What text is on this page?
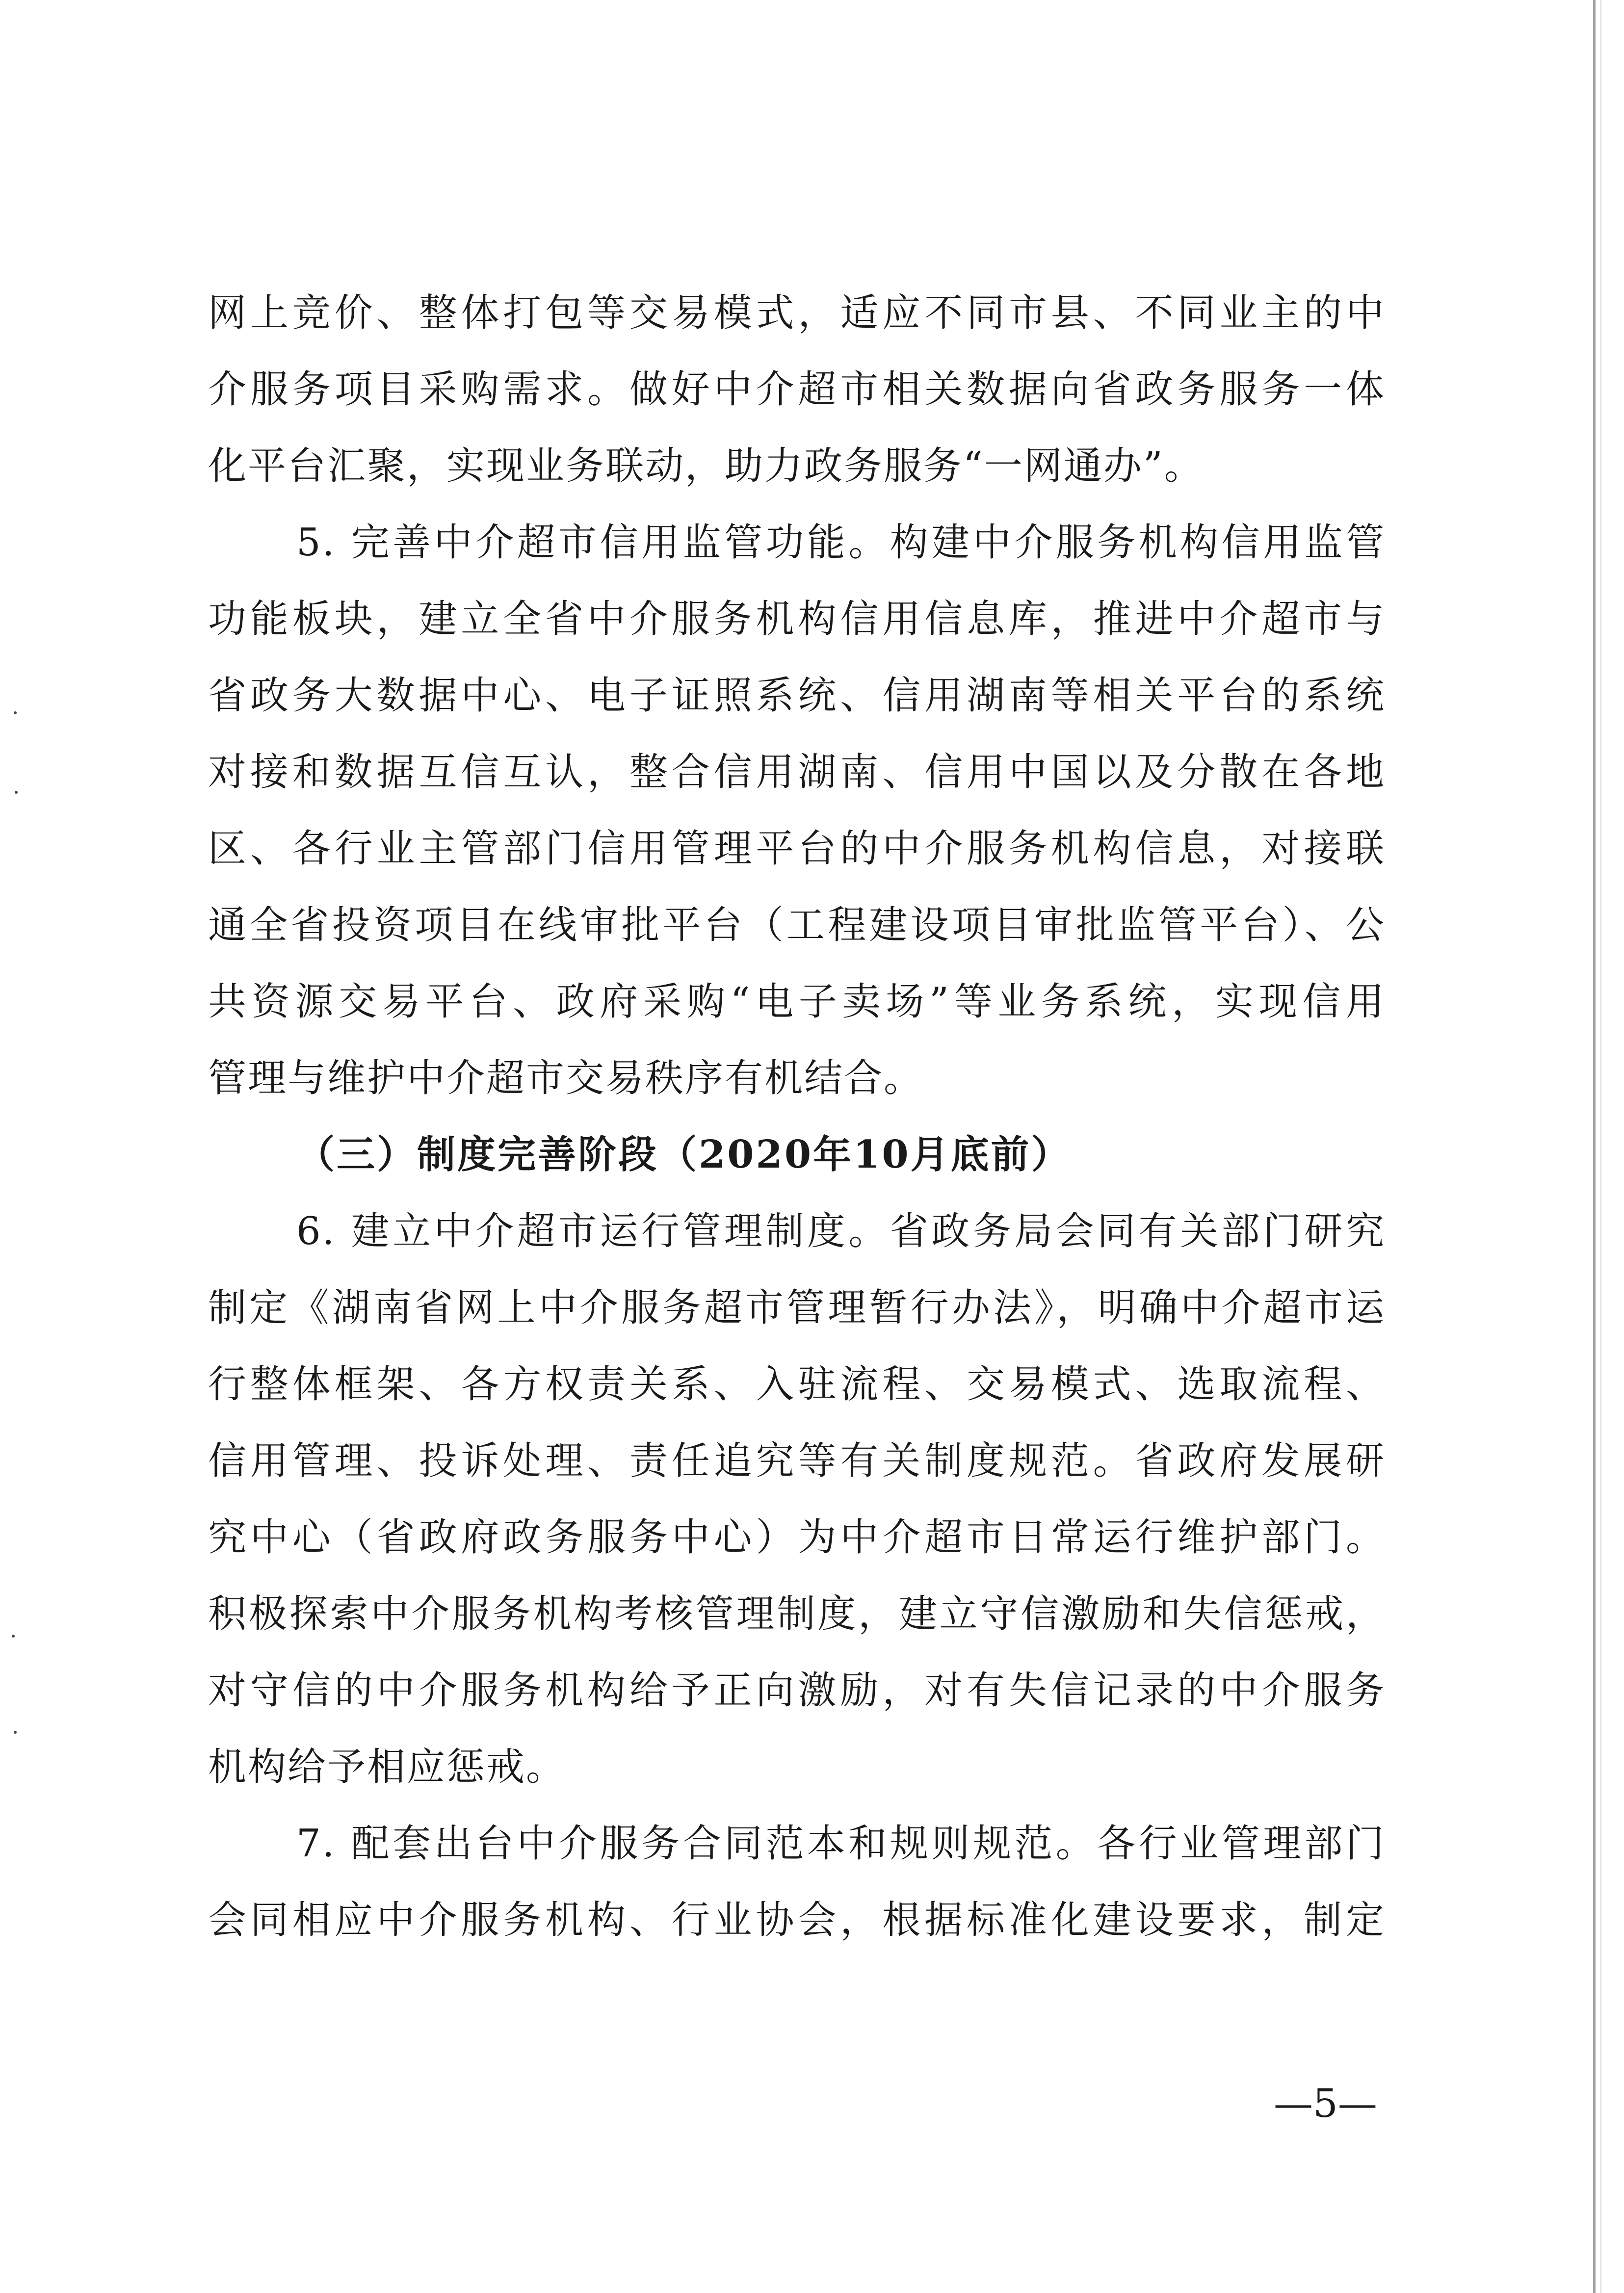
网上竞价、整体打包等交易模式，适应不同市县、不同业主的中
介服务项目采购需求。做好中介超市相关数据向省政务服务一体
化平台汇聚，实现业务联动，助力政务服务“一网通办”。
5. 完善中介超市信用监管功能。构建中介服务机构信用监管
功能板块，建立全省中介服务机构信用信息库，推进中介超市与
省政务大数据中心、电子证照系统、信用湖南等相关平台的系统
对接和数据互信互认，整合信用湖南、信用中国以及分散在各地
区、各行业主管部门信用管理平台的中介服务机构信息，对接联
通全省投资项目在线审批平台（工程建设项目审批监管平台）、公
共资源交易平台、政府采购“电子卖场”等业务系统，实现信用
管理与维护中介超市交易秩序有机结合。
（三）制度完善阶段（2020年10月底前）
6. 建立中介超市运行管理制度。省政务局会同有关部门研究
制定《湖南省网上中介服务超市管理暂行办法》，明确中介超市运
行整体框架、各方权责关系、入驻流程、交易模式、选取流程、
信用管理、投诉处理、责任追究等有关制度规范。省政府发展研
究中心（省政府政务服务中心）为中介超市日常运行维护部门。
积极探索中介服务机构考核管理制度，建立守信激励和失信惩戒，
对守信的中介服务机构给予正向激励，对有失信记录的中介服务
机构给予相应惩戒。
7. 配套出台中介服务合同范本和规则规范。各行业管理部门
会同相应中介服务机构、行业协会，根据标准化建设要求，制定
—5—
